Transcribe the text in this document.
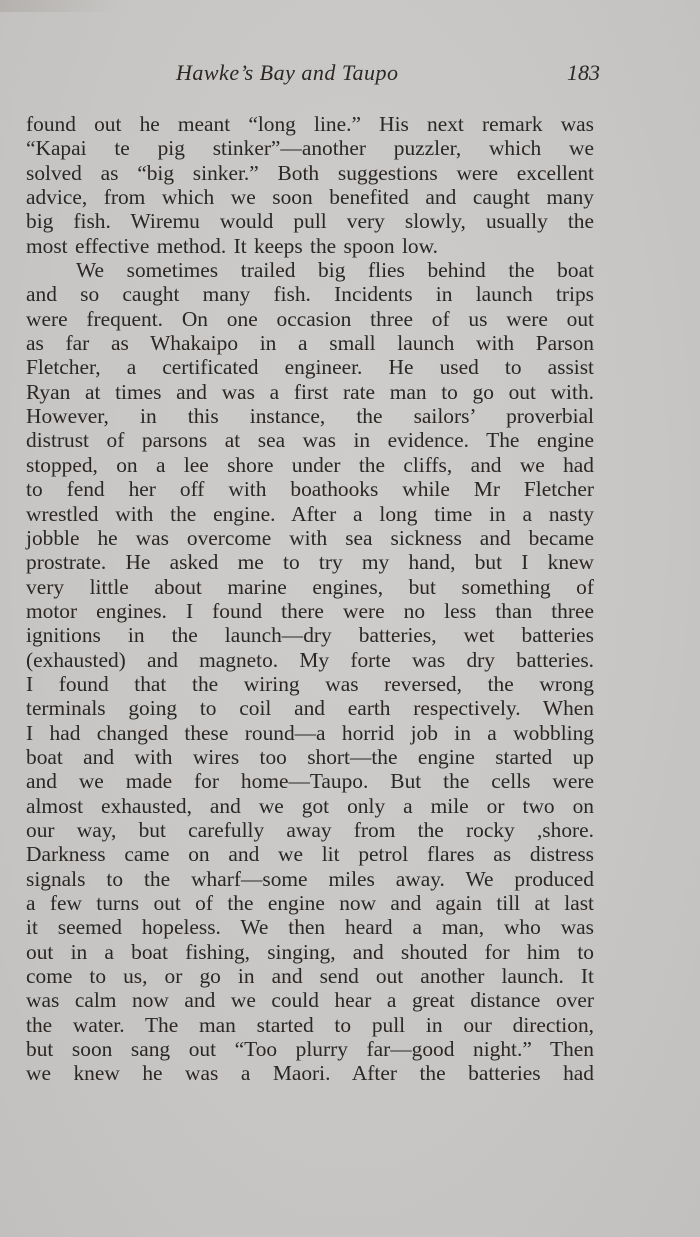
Hawke’s Bay and Taupo	183
found out he meant “long line.” His next remark was
“Kapai te pig stinker”—another puzzler, which we
solved as “big sinker.” Both suggestions were excellent
advice, from which we soon benefited and caught many
big fish. Wiremu would pull very slowly, usually the
most effective method. It keeps the spoon low.
We sometimes trailed big flies behind the boat
and so caught many fish. Incidents in launch trips
were frequent. On one occasion three of us were out
as far as Whakaipo in a small launch with Parson
Fletcher, a certificated engineer. He used to assist
Ryan at times and was a first rate man to go out with.
However, in this instance, the sailors’ proverbial
distrust of parsons at sea was in evidence. The engine
stopped, on a lee shore under the cliffs, and we had
to fend her off with boathooks while Mr Fletcher
wrestled with the engine. After a long time in a nasty
jobble he was overcome with sea sickness and became
prostrate. He asked me to try my hand, but I knew
very little about marine engines, but something of
motor engines. I found there were no less than three
ignitions in the launch—dry batteries, wet batteries
(exhausted) and magneto. My forte was dry batteries.
I found that the wiring was reversed, the wrong
terminals going to coil and earth respectively. When
I had changed these round—a horrid job in a wobbling
boat and with wires too short—the engine started up
and we made for home—Taupo. But the cells were
almost exhausted, and we got only a mile or two on
our way, but carefully away from the rocky ,shore.
Darkness came on and we lit petrol flares as distress
signals to the wharf—some miles away. We produced
a few turns out of the engine now and again till at last
it seemed hopeless. We then heard a man, who was
out in a boat fishing, singing, and shouted for him to
come to us, or go in and send out another launch. It
was calm now and we could hear a great distance over
the water. The man started to pull in our direction,
but soon sang out “Too plurry far—good night.” Then
we knew he was a Maori. After the batteries had
